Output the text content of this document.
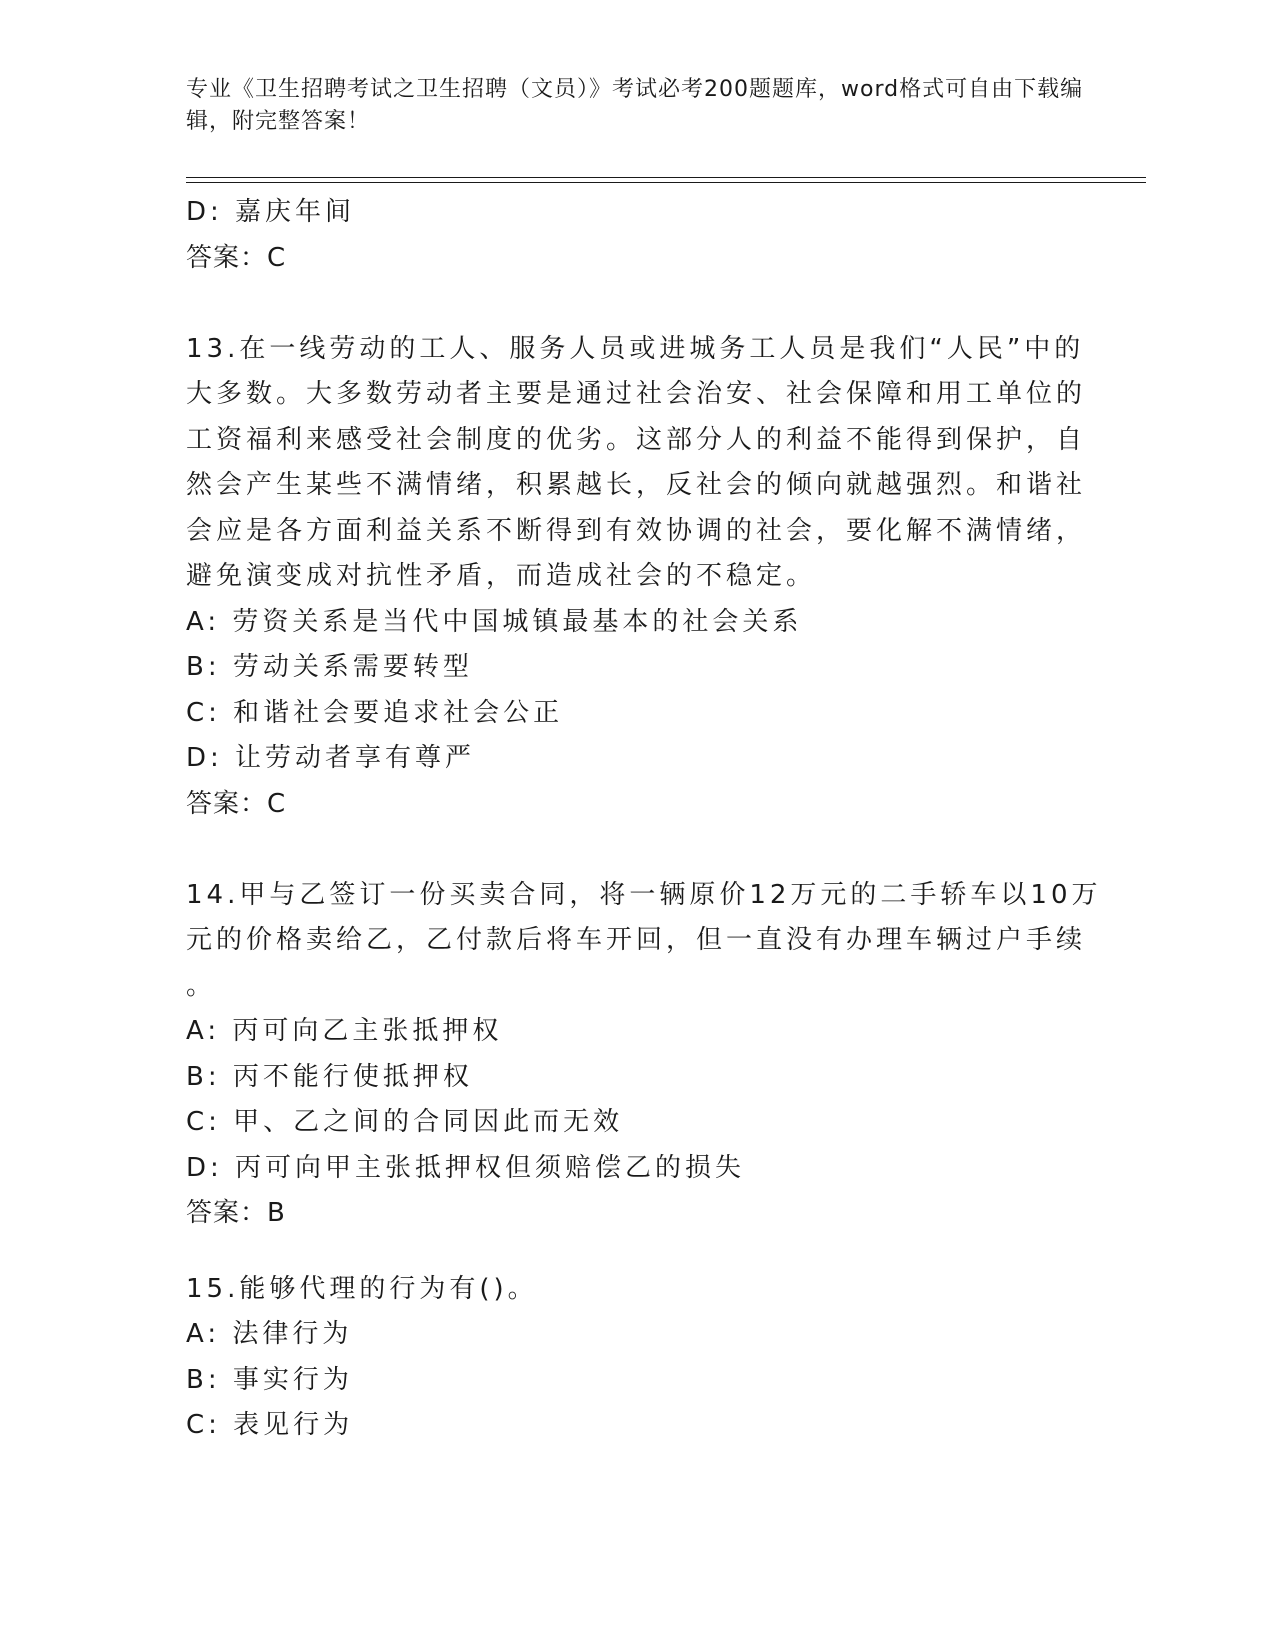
专业《卫生招聘考试之卫生招聘（文员）》考试必考200题题库，word格式可自由下载编辑，附完整答案！
D: 嘉庆年间
答案：C
13.在一线劳动的工人、服务人员或进城务工人员是我们“人民”中的大多数。大多数劳动者主要是通过社会治安、社会保障和用工单位的工资福利来感受社会制度的优劣。这部分人的利益不能得到保护，自然会产生某些不满情绪，积累越长，反社会的倾向就越强烈。和谐社会应是各方面利益关系不断得到有效协调的社会，要化解不满情绪，避免演变成对抗性矛盾，而造成社会的不稳定。
A: 劳资关系是当代中国城镇最基本的社会关系
B: 劳动关系需要转型
C: 和谐社会要追求社会公正
D: 让劳动者享有尊严
答案：C
14.甲与乙签订一份买卖合同，将一辆原价12万元的二手轿车以10万
元的价格卖给乙，乙付款后将车开回，但一直没有办理车辆过户手续
。
A: 丙可向乙主张抵押权
B: 丙不能行使抵押权
C: 甲、乙之间的合同因此而无效
D: 丙可向甲主张抵押权但须赔偿乙的损失
答案：B
15.能够代理的行为有()。
A: 法律行为
B: 事实行为
C: 表见行为
